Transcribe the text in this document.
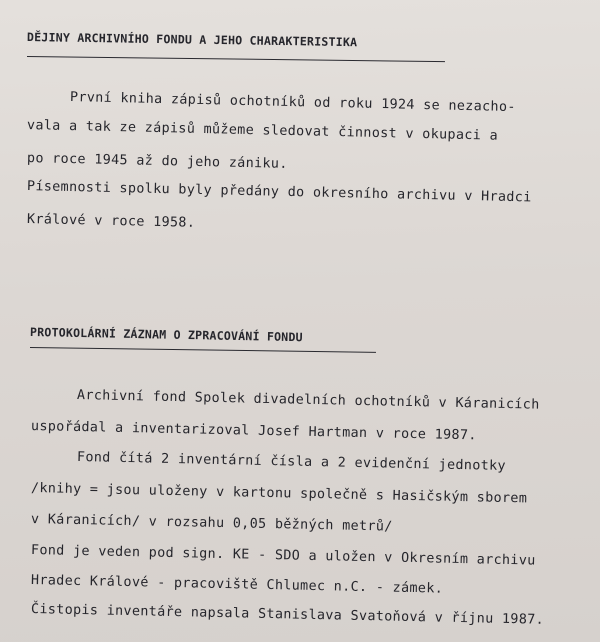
DĚJINY ARCHIVNÍHO FONDU A JEHO CHARAKTERISTIKA
První kniha zápisů ochotníků od roku 1924 se nezacho-
vala a tak ze zápisů můžeme sledovat činnost v okupaci a
po roce 1945 až do jeho zániku.
Písemnosti spolku byly předány do okresního archivu v Hradci
Králové v roce 1958.
PROTOKOLÁRNÍ ZÁZNAM O ZPRACOVÁNÍ FONDU
Archivní fond Spolek divadelních ochotníků v Káranicích
uspořádal a inventarizoval Josef Hartman v roce 1987.
Fond čítá 2 inventární čísla a 2 evidenční jednotky
/knihy = jsou uloženy v kartonu společně s Hasičským sborem
v Káranicích/ v rozsahu 0,05 běžných metrů/
Fond je veden pod sign. KE - SDO a uložen v Okresním archivu
Hradec Králové - pracoviště Chlumec n.C. - zámek.
Čistopis inventáře napsala Stanislava Svatoňová v říjnu 1987.
